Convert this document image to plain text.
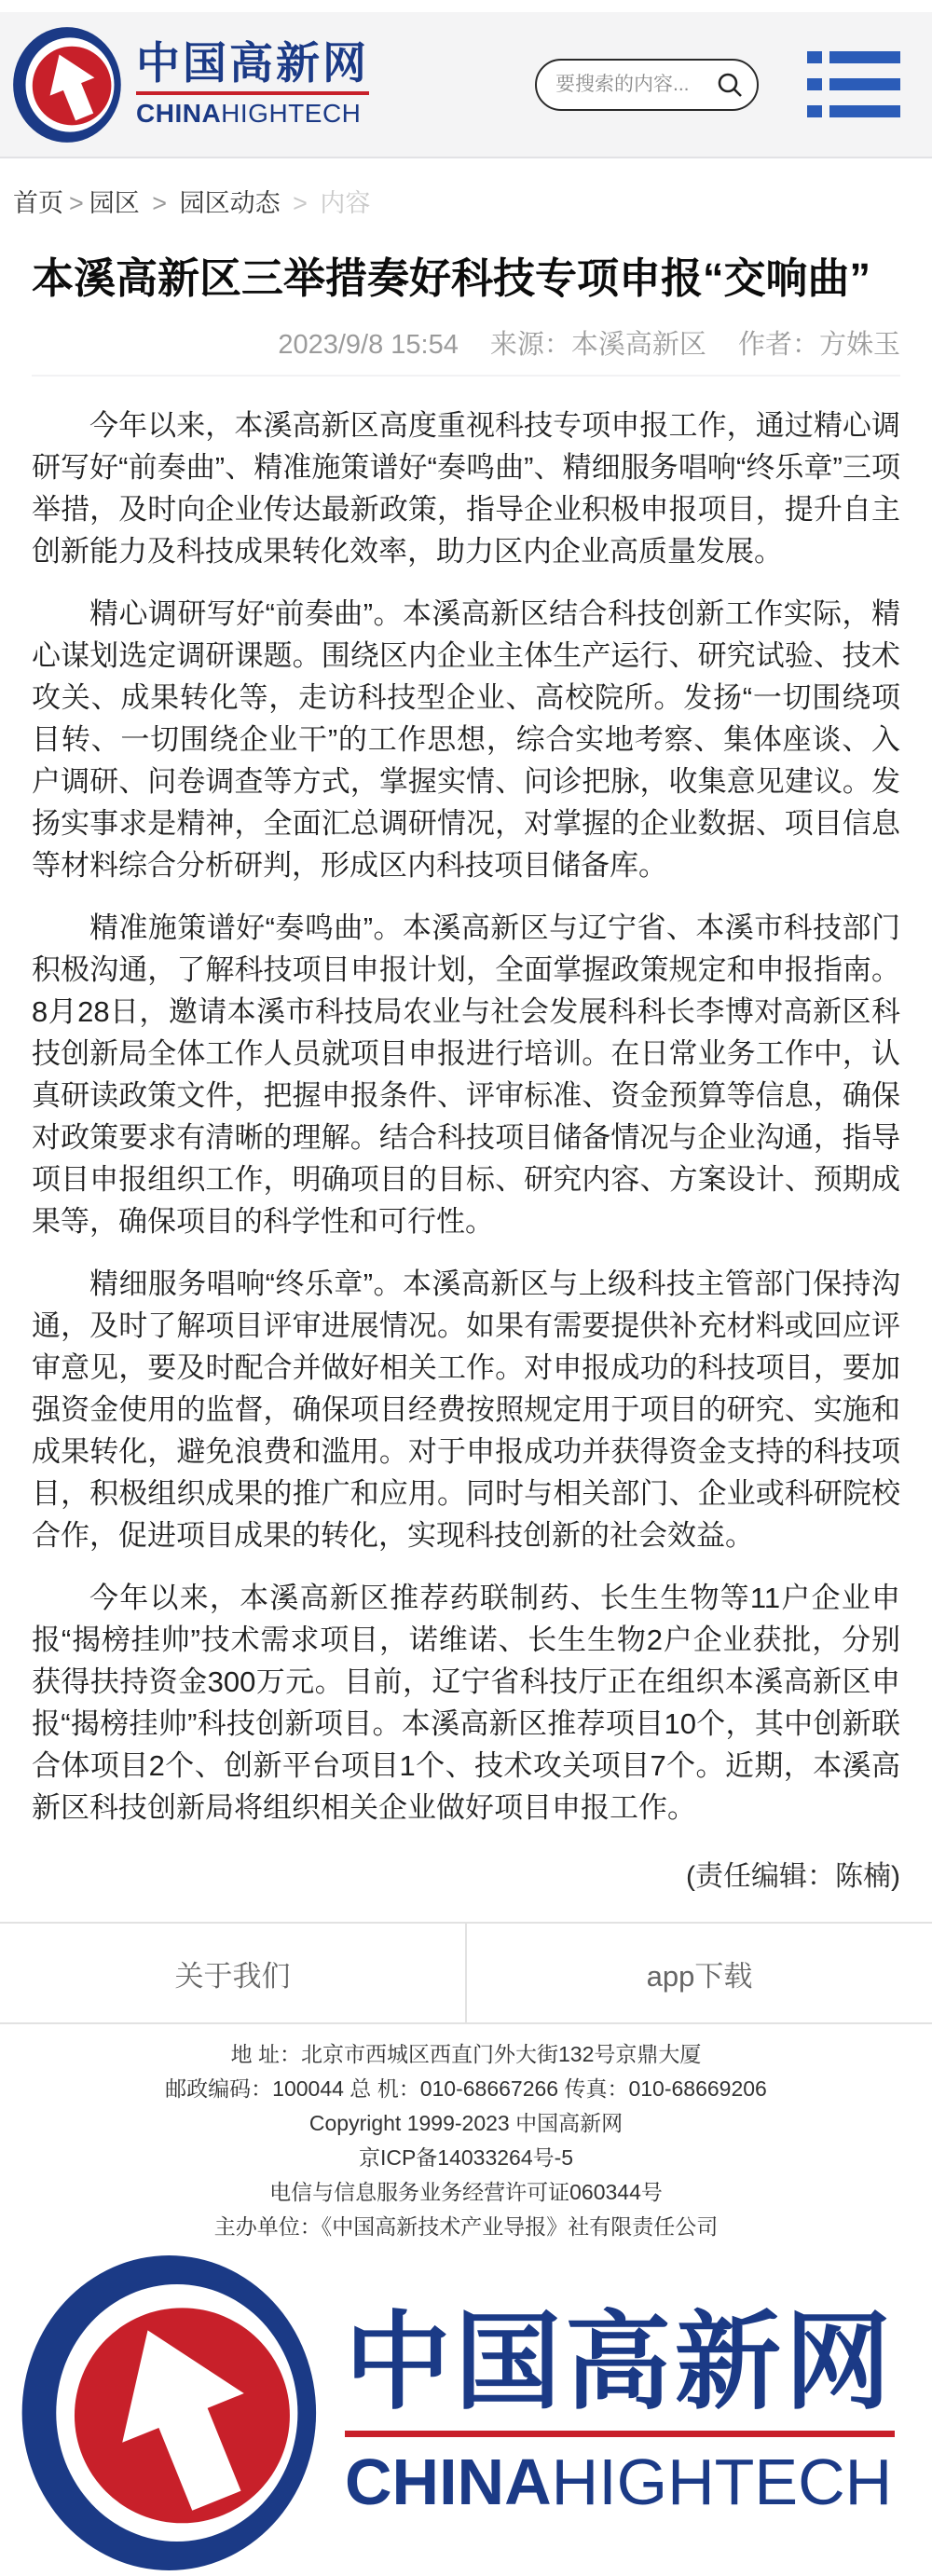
中国高新网
CHINAHIGHTECH
要搜索的内容...
首页 > 园区 > 园区动态 > 内容
本溪高新区三举措奏好科技专项申报“交响曲”
2023/9/8 15:54 来源：本溪高新区 作者：方姝玉

今年以来，本溪高新区高度重视科技专项申报工作，通过精心调研写好“前奏曲”、精准施策谱好“奏鸣曲”、精细服务唱响“终乐章”三项举措，及时向企业传达最新政策，指导企业积极申报项目，提升自主创新能力及科技成果转化效率，助力区内企业高质量发展。

精心调研写好“前奏曲”。本溪高新区结合科技创新工作实际，精心谋划选定调研课题。围绕区内企业主体生产运行、研究试验、技术攻关、成果转化等，走访科技型企业、高校院所。发扬“一切围绕项目转、一切围绕企业干”的工作思想，综合实地考察、集体座谈、入户调研、问卷调查等方式，掌握实情、问诊把脉，收集意见建议。发扬实事求是精神，全面汇总调研情况，对掌握的企业数据、项目信息等材料综合分析研判，形成区内科技项目储备库。

精准施策谱好“奏鸣曲”。本溪高新区与辽宁省、本溪市科技部门积极沟通，了解科技项目申报计划，全面掌握政策规定和申报指南。8月28日，邀请本溪市科技局农业与社会发展科科长李博对高新区科技创新局全体工作人员就项目申报进行培训。在日常业务工作中，认真研读政策文件，把握申报条件、评审标准、资金预算等信息，确保对政策要求有清晰的理解。结合科技项目储备情况与企业沟通，指导项目申报组织工作，明确项目的目标、研究内容、方案设计、预期成果等，确保项目的科学性和可行性。

精细服务唱响“终乐章”。本溪高新区与上级科技主管部门保持沟通，及时了解项目评审进展情况。如果有需要提供补充材料或回应评审意见，要及时配合并做好相关工作。对申报成功的科技项目，要加强资金使用的监督，确保项目经费按照规定用于项目的研究、实施和成果转化，避免浪费和滥用。对于申报成功并获得资金支持的科技项目，积极组织成果的推广和应用。同时与相关部门、企业或科研院校合作，促进项目成果的转化，实现科技创新的社会效益。

今年以来，本溪高新区推荐药联制药、长生生物等11户企业申报“揭榜挂帅”技术需求项目，诺维诺、长生生物2户企业获批，分别获得扶持资金300万元。目前，辽宁省科技厅正在组织本溪高新区申报“揭榜挂帅”科技创新项目。本溪高新区推荐项目10个，其中创新联合体项目2个、创新平台项目1个、技术攻关项目7个。近期，本溪高新区科技创新局将组织相关企业做好项目申报工作。

(责任编辑：陈楠)
关于我们	app下载
地 址：北京市西城区西直门外大街132号京鼎大厦
邮政编码：100044 总 机：010-68667266 传真：010-68669206
Copyright 1999-2023 中国高新网
京ICP备14033264号-5
电信与信息服务业务经营许可证060344号
主办单位：《中国高新技术产业导报》社有限责任公司
中国高新网
CHINAHIGHTECH
